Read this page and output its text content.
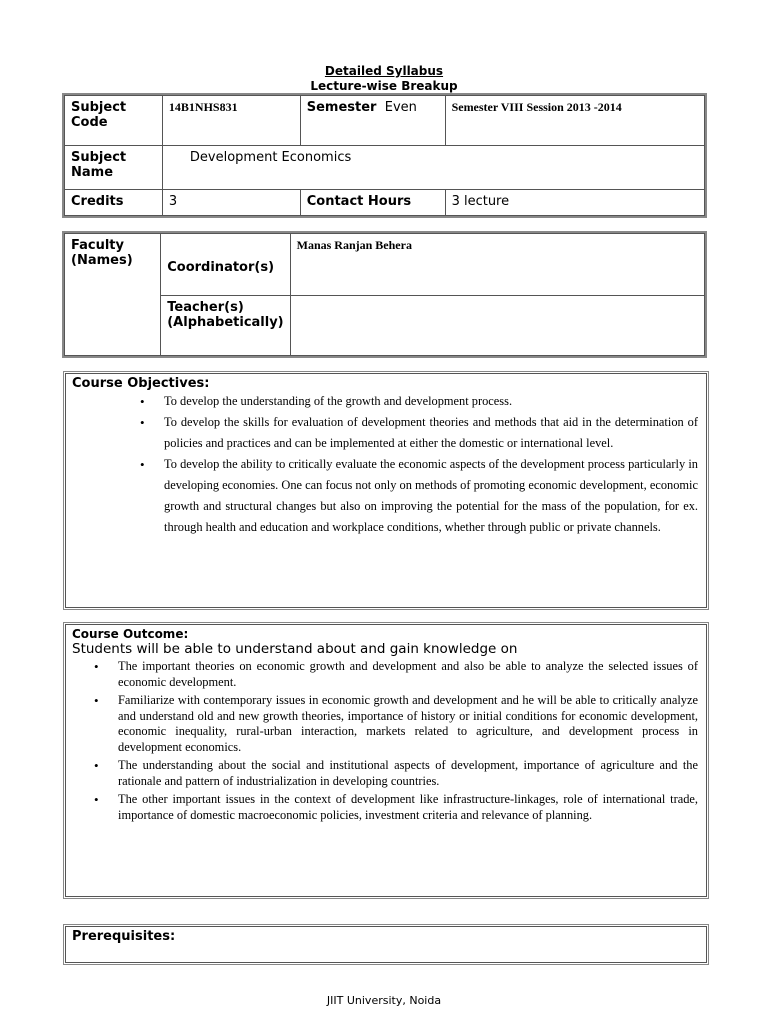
Detailed Syllabus
Lecture-wise Breakup
Subject Code	14B1NHS831	Semester Even	Semester VIII Session 2013 -2014
Subject Name	Development Economics		
Credits	3	Contact Hours	3 lecture
Faculty (Names)	Coordinator(s)	Manas Ranjan Behera
	Teacher(s) (Alphabetically)	
Course Objectives:
• To develop the understanding of the growth and development process.
• To develop the skills for evaluation of development theories and methods that aid in the determination of policies and practices and can be implemented at either the domestic or international level.
• To develop the ability to critically evaluate the economic aspects of the development process particularly in developing economies. One can focus not only on methods of promoting economic development, economic growth and structural changes but also on improving the potential for the mass of the population, for ex. through health and education and workplace conditions, whether through public or private channels.
Course Outcome:
Students will be able to understand about and gain knowledge on
• The important theories on economic growth and development and also be able to analyze the selected issues of economic development.
• Familiarize with contemporary issues in economic growth and development and he will be able to critically analyze and understand old and new growth theories, importance of history or initial conditions for economic development, economic inequality, rural-urban interaction, markets related to agriculture, and development process in development economics.
• The understanding about the social and institutional aspects of development, importance of agriculture and the rationale and pattern of industrialization in developing countries.
• The other important issues in the context of development like infrastructure-linkages, role of international trade, importance of domestic macroeconomic policies, investment criteria and relevance of planning.
Prerequisites:
JIIT University, Noida
